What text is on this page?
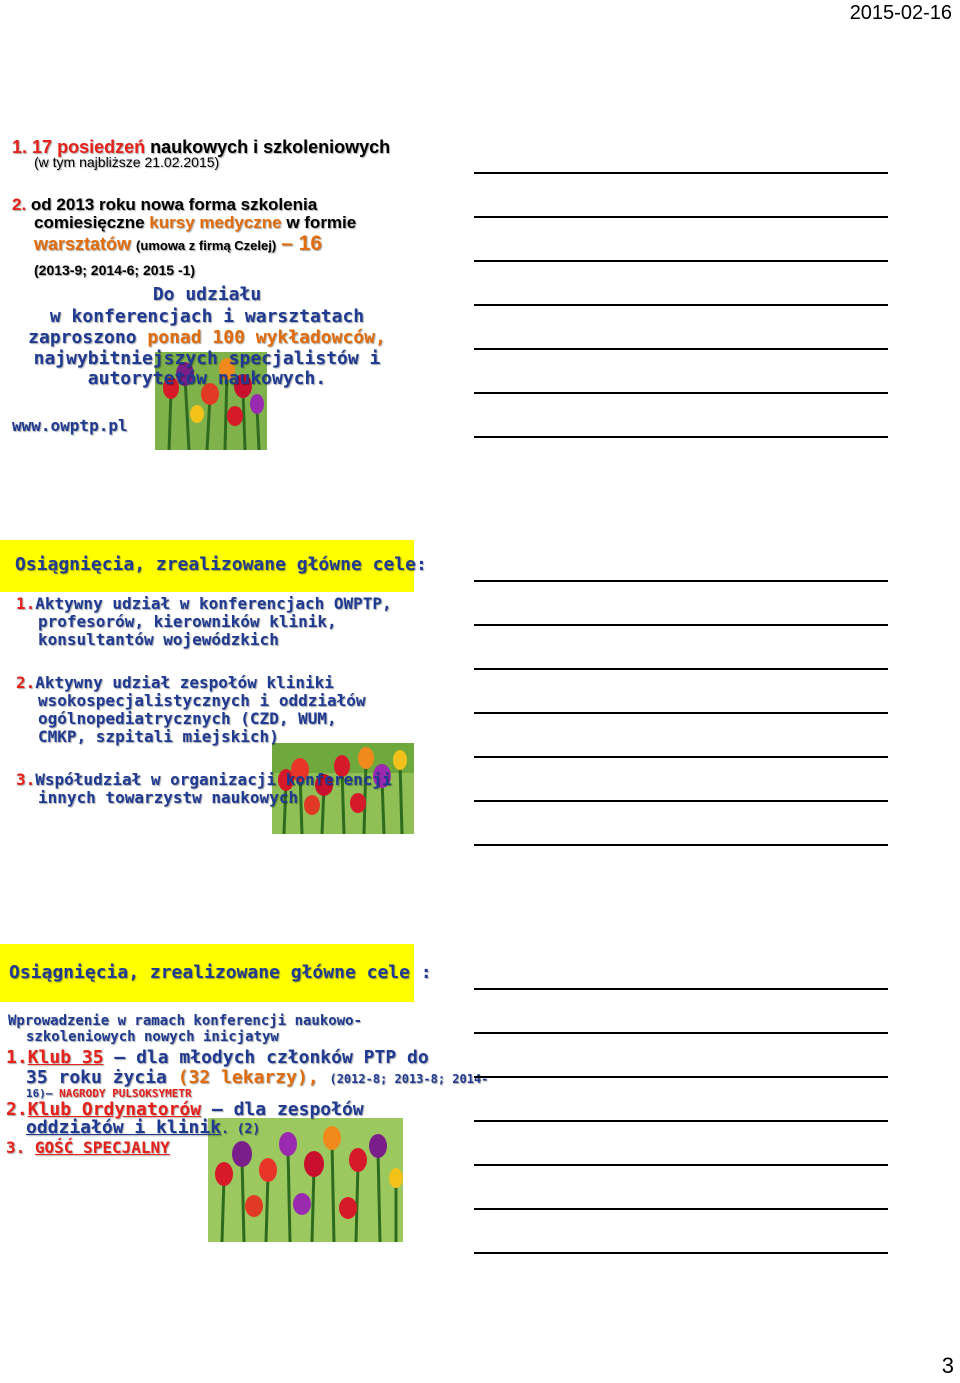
2015-02-16
1. 17 posiedzeń naukowych i szkoleniowych
(w tym najbliższe 21.02.2015)
2. od 2013 roku nowa forma szkolenia
comiesięczne kursy medyczne w formie
warsztatów (umowa z firmą Czelej) – 16
(2013-9; 2014-6; 2015 -1)
Do udziału
w konferencjach i warsztatach
zaproszono ponad 100 wykładowców,
najwybitniejszych specjalistów i
autorytetów naukowych.
www.owptp.pl
Osiągnięcia, zrealizowane główne cele:
1.Aktywny udział w konferencjach OWPTP,
profesorów, kierowników klinik,
konsultantów wojewódzkich
2.Aktywny udział zespołów kliniki
wsokospecjalistycznych i oddziałów
ogólnopediatrycznych (CZD, WUM,
CMKP, szpitali miejskich)
3.Współudział w organizacji konferencji
innych towarzystw naukowych
Osiągnięcia, zrealizowane główne cele :
Wprowadzenie w ramach konferencji naukowo-
szkoleniowych nowych inicjatyw
1.Klub 35 – dla młodych członków PTP do
35 roku życia (32 lekarzy), (2012-8; 2013-8; 2014-
16)– NAGRODY PULSOKSYMETR
2.Klub Ordynatorów – dla zespołów
oddziałów i klinik. (2)
3. GOŚĆ SPECJALNY
3
